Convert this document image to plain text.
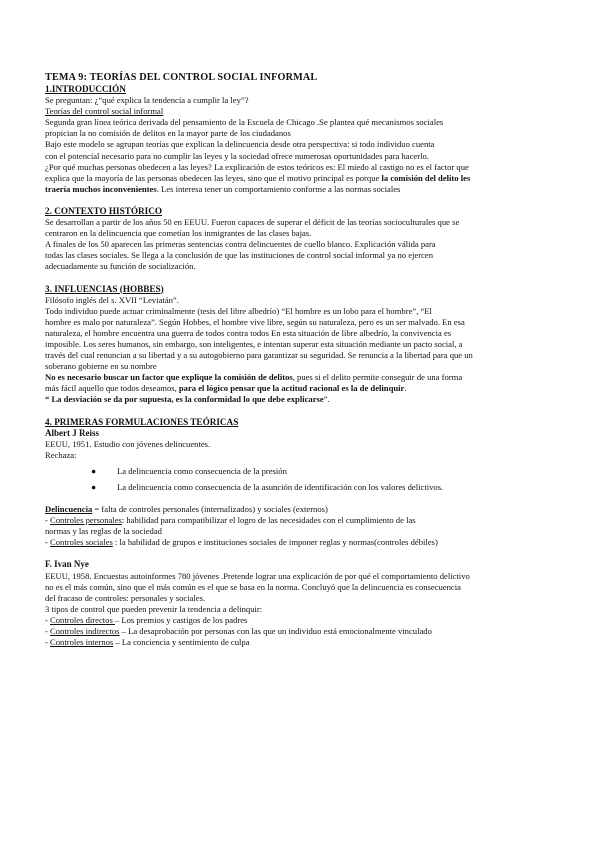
TEMA 9: TEORÍAS DEL CONTROL SOCIAL INFORMAL

1.INTRODUCCIÓN

Se preguntan: ¿“qué explica la tendencia a cumplir la ley”?

Teorías del control social informal

Segunda gran línea teórica derivada del pensamiento de la Escuela de Chicago .Se plantea qué mecanismos sociales

propician la no comisión de delitos en la mayor parte de los ciudadanos

Bajo este modelo se agrupan teorías que explican la delincuencia desde otra perspectiva: si todo individuo cuenta

con el potencial necesario para no cumplir las leyes y la sociedad ofrece numerosas oportunidades para hacerlo.

¿Por qué muchas personas obedecen a las leyes? La explicación de estos teóricos es: El miedo al castigo no es el factor que

explica que la mayoría de las personas obedecen las leyes, sino que el motivo principal es porque la comisión del delito les

traería muchos inconvenientes. Les interesa tener un comportamiento conforme a las normas sociales

2. CONTEXTO HISTÓRICO

Se desarrollan a partir de los años 50 en EEUU. Fueron capaces de superar el déficit de las teorías socioculturales que se

centraron en la delincuencia que cometían los inmigrantes de las clases bajas.

A finales de los 50 aparecen las primeras sentencias contra delincuentes de cuello blanco. Explicación válida para

todas las clases sociales. Se llega a la conclusión de que las instituciones de control social informal ya no ejercen

adecuadamente su función de socialización.

3. INFLUENCIAS (HOBBES)

Filósofo inglés del s. XVII “Leviatán”.

Todo individuo puede actuar criminalmente (tesis del libre albedrío) “El hombre es un lobo para el hombre”, “El

hombre es malo por naturaleza”. Según Hobbes, el hombre vive libre, según su naturaleza, pero es un ser malvado. En esa

naturaleza, el hombre encuentra una guerra de todos contra todos En esta situación de libre albedrío, la convivencia es

imposible. Los seres humanos, sin embargo, son inteligentes, e intentan superar esta situación mediante un pacto social, a

través del cual renuncian a su libertad y a su autogobierno para garantizar su seguridad. Se renuncia a la libertad para que un

soberano gobierne en su nombre

No es necesario buscar un factor que explique la comisión de delitos, pues si el delito permite conseguir de una forma

más fácil aquello que todos deseamos, para el lógico pensar que la actitud racional es la de delinquir.

“ La desviación se da por supuesta, es la conformidad lo que debe explicarse”.

4. PRIMERAS FORMULACIONES TEÓRICAS

Albert J Reiss

EEUU, 1951. Estudio con jóvenes delincuentes.

Rechaza:

● La delincuencia como consecuencia de la presión
● La delincuencia como consecuencia de la asunción de identificación con los valores delictivos.

Delincuencia = falta de controles personales (internalizados) y sociales (externos)

- Controles personales: habilidad para compatibilizar el logro de las necesidades con el cumplimiento de las

normas y las reglas de la sociedad

- Controles sociales : la habilidad de grupos e instituciones sociales de imponer reglas y normas(controles débiles)

F. Ivan Nye

EEUU, 1958. Encuestas autoinformes 780 jóvenes .Pretende lograr una explicación de por qué el comportamiento delictivo

no es el más común, sino que el más común es el que se basa en la norma. Concluyó que la delincuencia es consecuencia

del fracaso de controles: personales y sociales.

3 tipos de control que pueden prevenir la tendencia a delinquir:

- Controles directos – Los premios y castigos de los padres

- Controles indirectos – La desaprobación por personas con las que un individuo está emocionalmente vinculado

- Controles internos – La conciencia y sentimiento de culpa
